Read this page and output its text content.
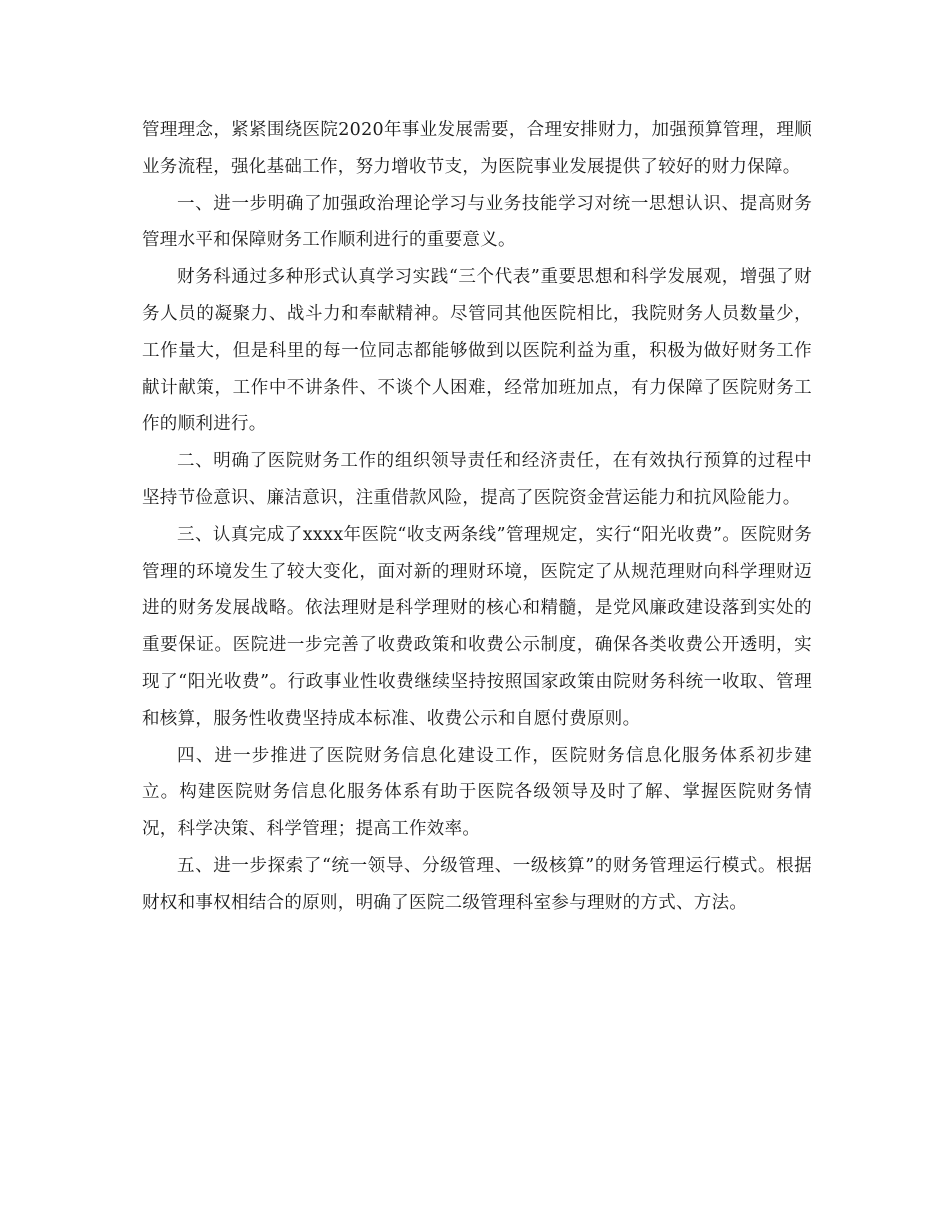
管理理念，紧紧围绕医院2020年事业发展需要，合理安排财力，加强预算管理，理顺业务流程，强化基础工作，努力增收节支，为医院事业发展提供了较好的财力保障。

一、进一步明确了加强政治理论学习与业务技能学习对统一思想认识、提高财务管理水平和保障财务工作顺利进行的重要意义。

财务科通过多种形式认真学习实践“三个代表”重要思想和科学发展观，增强了财务人员的凝聚力、战斗力和奉献精神。尽管同其他医院相比，我院财务人员数量少，工作量大，但是科里的每一位同志都能够做到以医院利益为重，积极为做好财务工作献计献策，工作中不讲条件、不谈个人困难，经常加班加点，有力保障了医院财务工作的顺利进行。

二、明确了医院财务工作的组织领导责任和经济责任，在有效执行预算的过程中坚持节俭意识、廉洁意识，注重借款风险，提高了医院资金营运能力和抗风险能力。

三、认真完成了xxxx年医院“收支两条线”管理规定，实行“阳光收费”。医院财务管理的环境发生了较大变化，面对新的理财环境，医院定了从规范理财向科学理财迈进的财务发展战略。依法理财是科学理财的核心和精髓，是党风廉政建设落到实处的重要保证。医院进一步完善了收费政策和收费公示制度，确保各类收费公开透明，实现了“阳光收费”。行政事业性收费继续坚持按照国家政策由院财务科统一收取、管理和核算，服务性收费坚持成本标准、收费公示和自愿付费原则。

四、进一步推进了医院财务信息化建设工作，医院财务信息化服务体系初步建立。构建医院财务信息化服务体系有助于医院各级领导及时了解、掌握医院财务情况，科学决策、科学管理；提高工作效率。

五、进一步探索了“统一领导、分级管理、一级核算”的财务管理运行模式。根据财权和事权相结合的原则，明确了医院二级管理科室参与理财的方式、方法。
